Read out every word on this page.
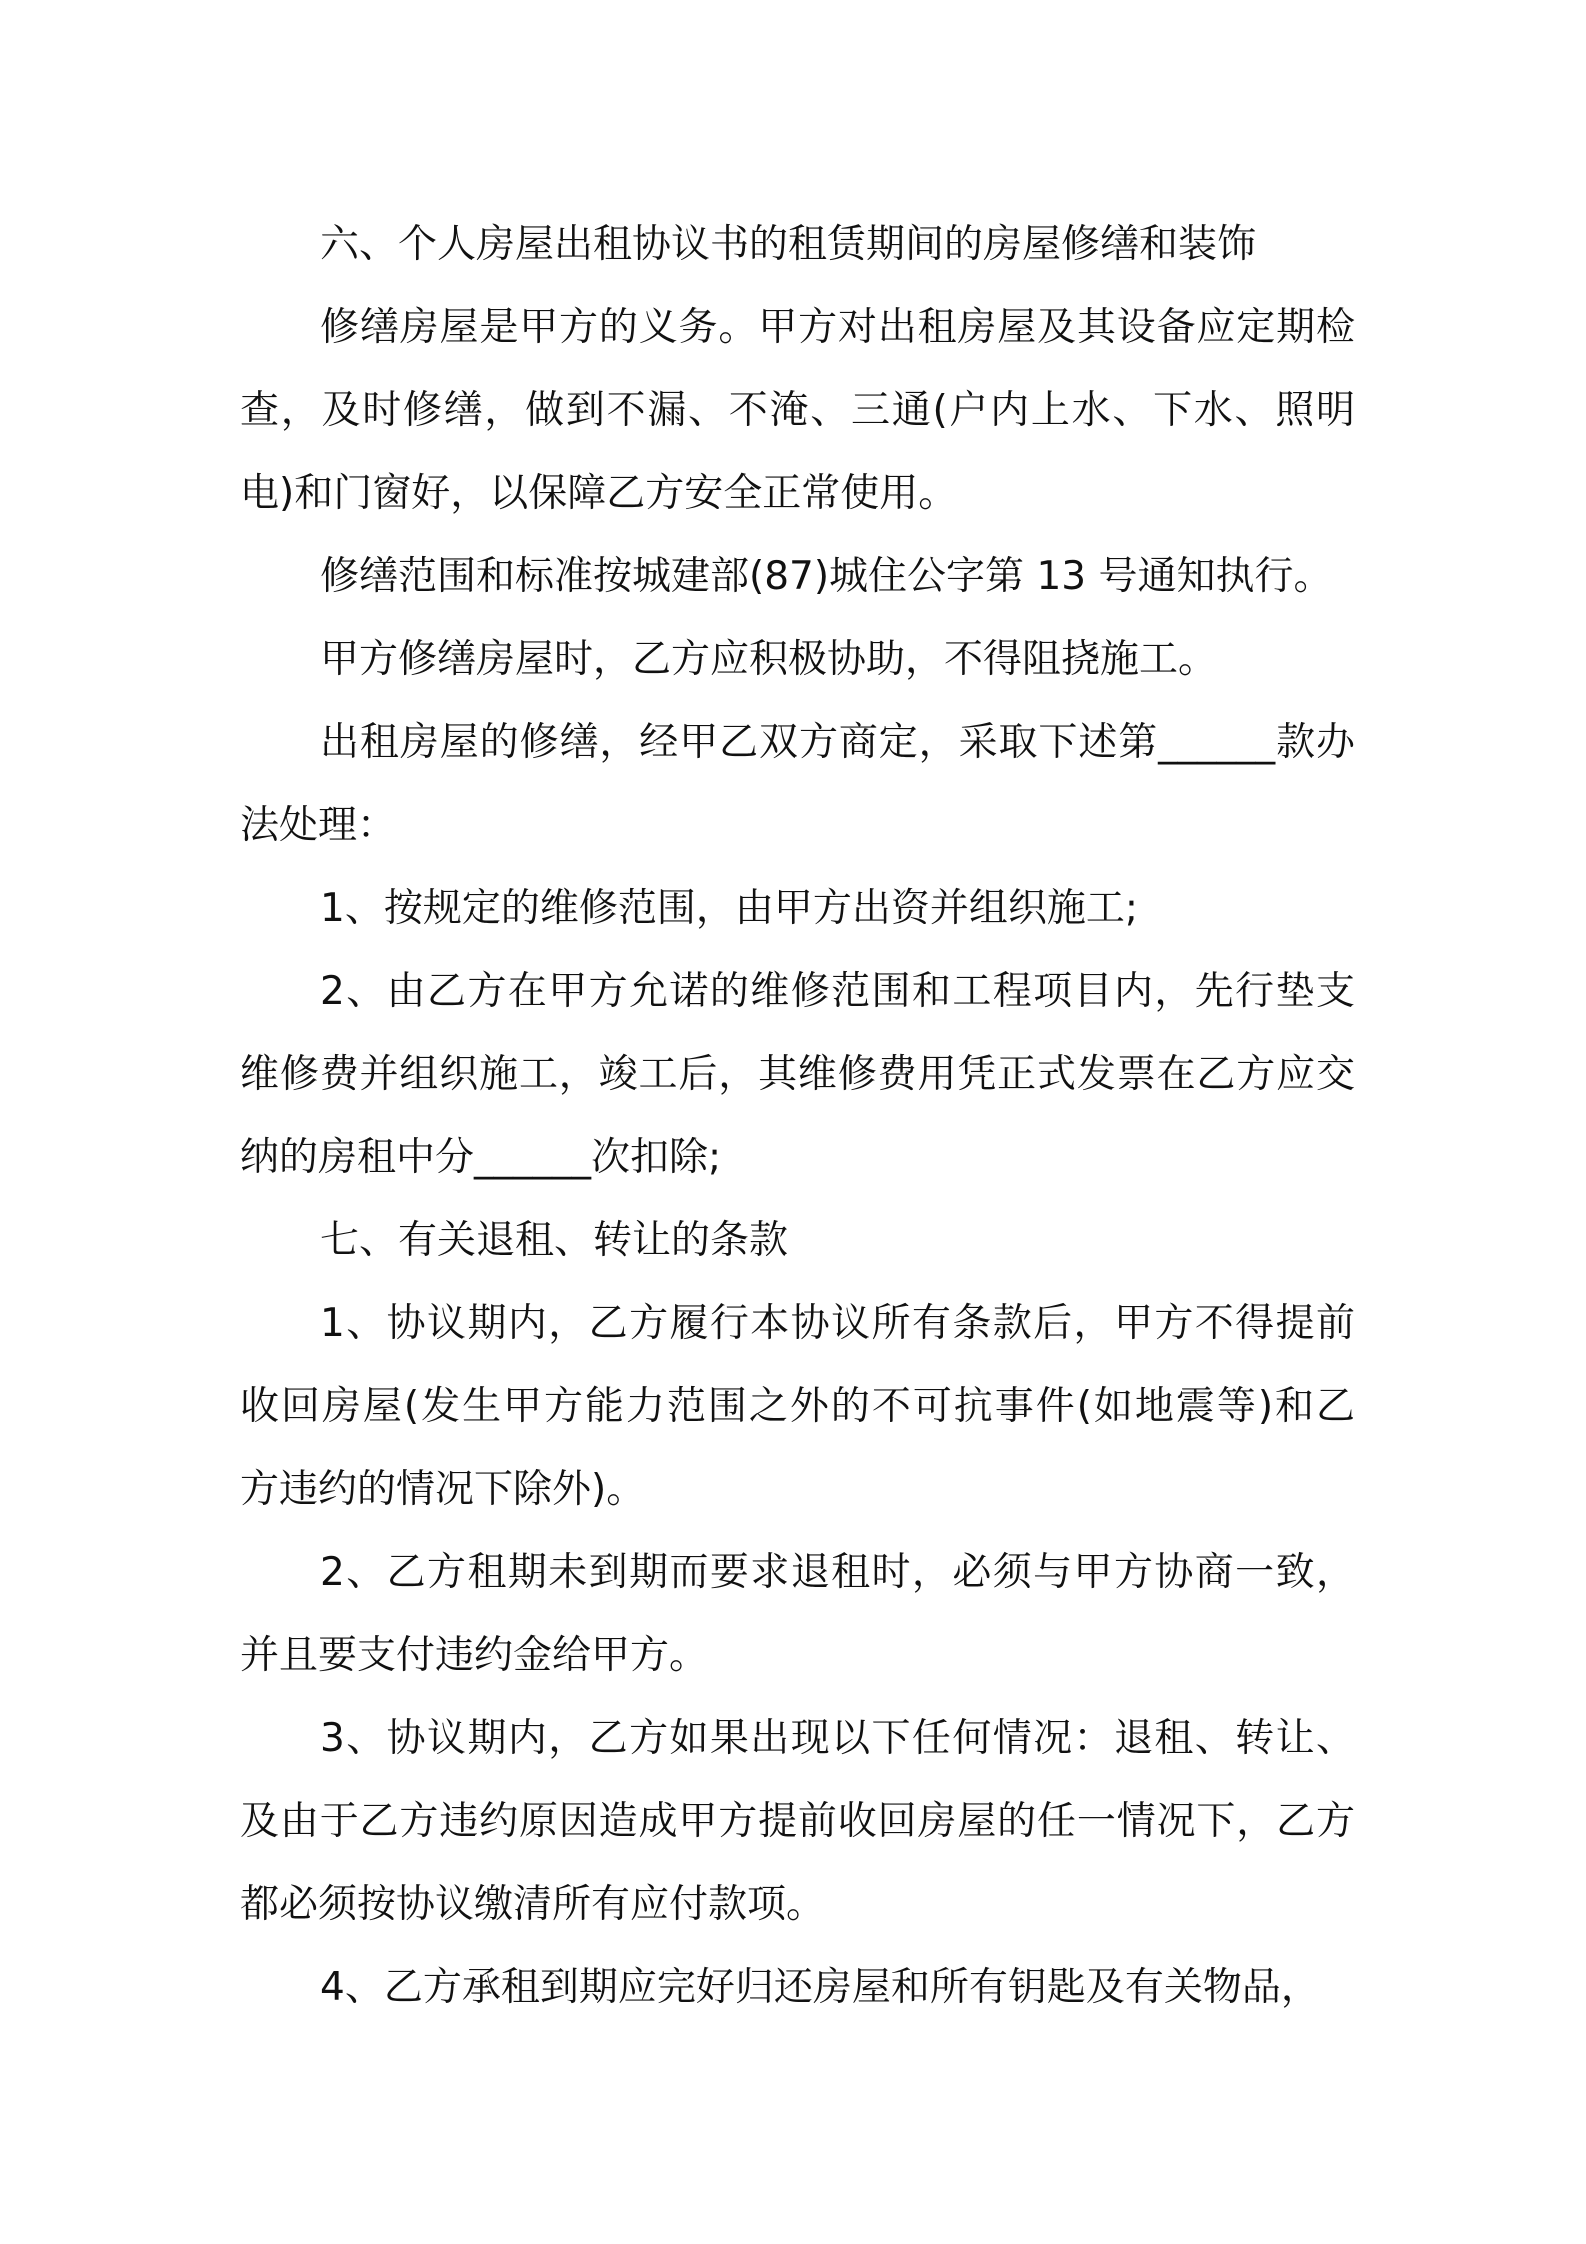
六、个人房屋出租协议书的租赁期间的房屋修缮和装饰

修缮房屋是甲方的义务。甲方对出租房屋及其设备应定期检
查，及时修缮，做到不漏、不淹、三通(户内上水、下水、照明
电)和门窗好，以保障乙方安全正常使用。

修缮范围和标准按城建部(87)城住公字第 13 号通知执行。

甲方修缮房屋时，乙方应积极协助，不得阻挠施工。

出租房屋的修缮，经甲乙双方商定，采取下述第______款办
法处理：

1、按规定的维修范围，由甲方出资并组织施工;

2、由乙方在甲方允诺的维修范围和工程项目内，先行垫支
维修费并组织施工，竣工后，其维修费用凭正式发票在乙方应交
纳的房租中分______次扣除;

七、有关退租、转让的条款

1、协议期内，乙方履行本协议所有条款后，甲方不得提前
收回房屋(发生甲方能力范围之外的不可抗事件(如地震等)和乙
方违约的情况下除外)。

2、乙方租期未到期而要求退租时，必须与甲方协商一致，
并且要支付违约金给甲方。

3、协议期内，乙方如果出现以下任何情况：退租、转让、
及由于乙方违约原因造成甲方提前收回房屋的任一情况下，乙方
都必须按协议缴清所有应付款项。

4、乙方承租到期应完好归还房屋和所有钥匙及有关物品，
